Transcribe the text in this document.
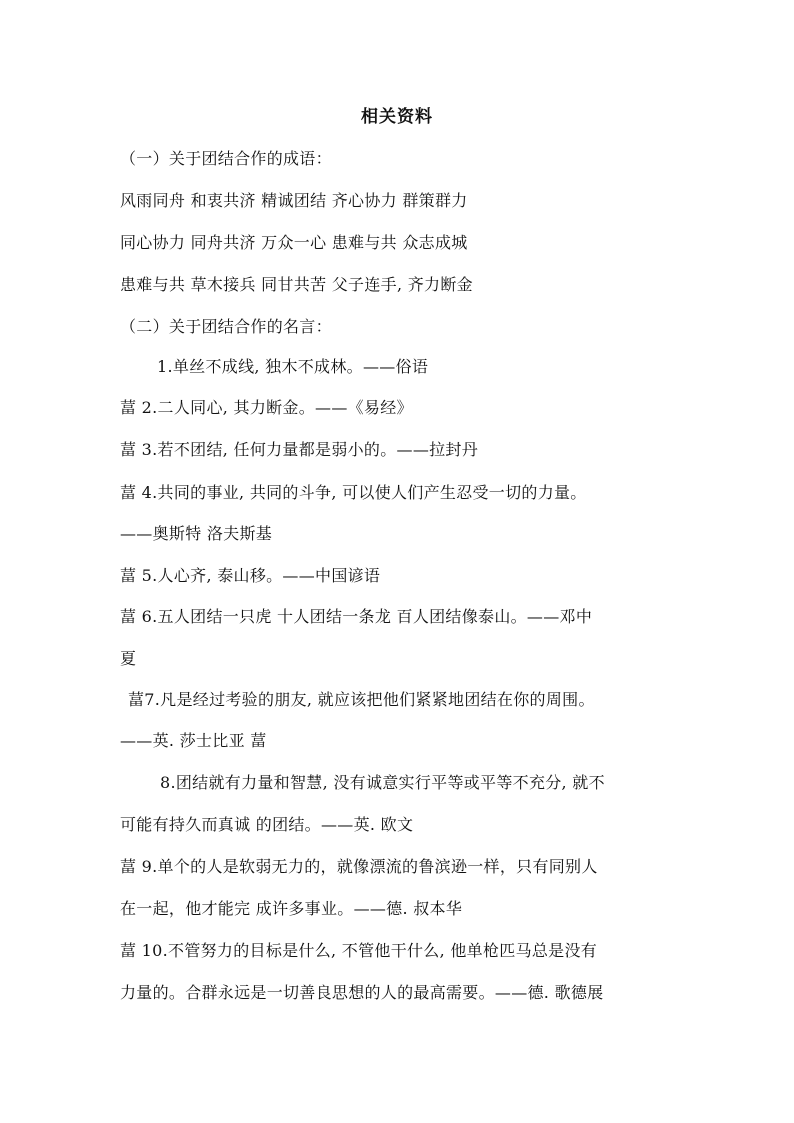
相关资料
（一）关于团结合作的成语：
风雨同舟 和衷共济 精诚团结 齐心协力 群策群力
同心协力 同舟共济 万众一心 患难与共 众志成城
患难与共 草木接兵 同甘共苦 父子连手, 齐力断金
（二）关于团结合作的名言：
1.单丝不成线, 独木不成林。——俗语
葍 2.二人同心, 其力断金。——《易经》
葍 3.若不团结, 任何力量都是弱小的。——拉封丹
葍 4.共同的事业, 共同的斗争, 可以使人们产生忍受一切的力量。
——奥斯特 洛夫斯基
葍 5.人心齐, 泰山移。——中国谚语
葍 6.五人团结一只虎 十人团结一条龙 百人团结像泰山。——邓中
夏
葍7.凡是经过考验的朋友, 就应该把他们紧紧地团结在你的周围。
——英. 莎士比亚 葍
8.团结就有力量和智慧, 没有诚意实行平等或平等不充分, 就不
可能有持久而真诚 的团结。——英. 欧文
葍 9.单个的人是软弱无力的，就像漂流的鲁滨逊一样，只有同别人
在一起，他才能完 成许多事业。——德. 叔本华
葍 10.不管努力的目标是什么, 不管他干什么, 他单枪匹马总是没有
力量的。合群永远是一切善良思想的人的最高需要。——德. 歌德展
